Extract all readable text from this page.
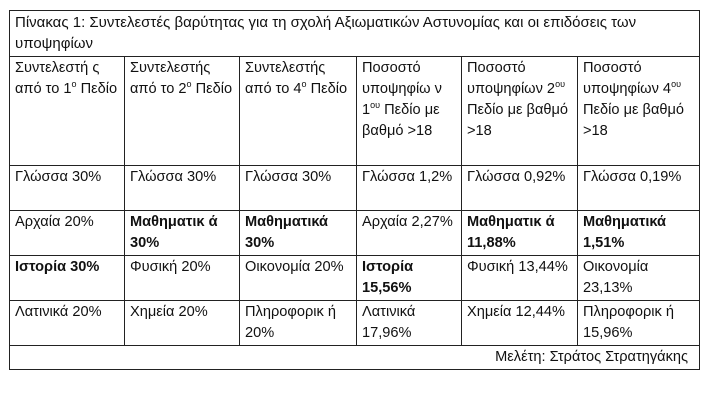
Πίνακας 1: Συντελεστές βαρύτητας για τη σχολή Αξιωματικών Αστυνομίας και οι επιδόσεις των υποψηφίων					
Συντελεστή ς από το $1^o$ Πεδίο	Συντελεστής από το $2^o$ Πεδίο	Συντελεστής από το $4^o$ Πεδίο	Ποσοστό υποψηφίω ν $1^{o\upsilon}$ Πεδίο με βαθμό >18	Ποσοστό υποψηφίων $2^{o\upsilon}$ Πεδίο με βαθμό >18	Ποσοστό υποψηφίων $4^{o\upsilon}$ Πεδίο με βαθμό >18
Γλώσσα 30%	Γλώσσα 30%	Γλώσσα 30%	Γλώσσα 1,2%	Γλώσσα 0,92%	Γλώσσα 0,19%
Αρχαία 20%	Μαθηματικ ά 30%	Μαθηματικά 30%	Αρχαία 2,27%	Μαθηματικ ά 11,88%	Μαθηματικά 1,51%
Ιστορία 30%	Φυσική 20%	Οικονομία 20%	Ιστορία 15,56%	Φυσική 13,44%	Οικονομία 23,13%
Λατινικά 20%	Χημεία 20%	Πληροφορικ ή 20%	Λατινικά 17,96%	Χημεία 12,44%	Πληροφορικ ή 15,96%
Μελέτη: Στράτος Στρατηγάκης					
